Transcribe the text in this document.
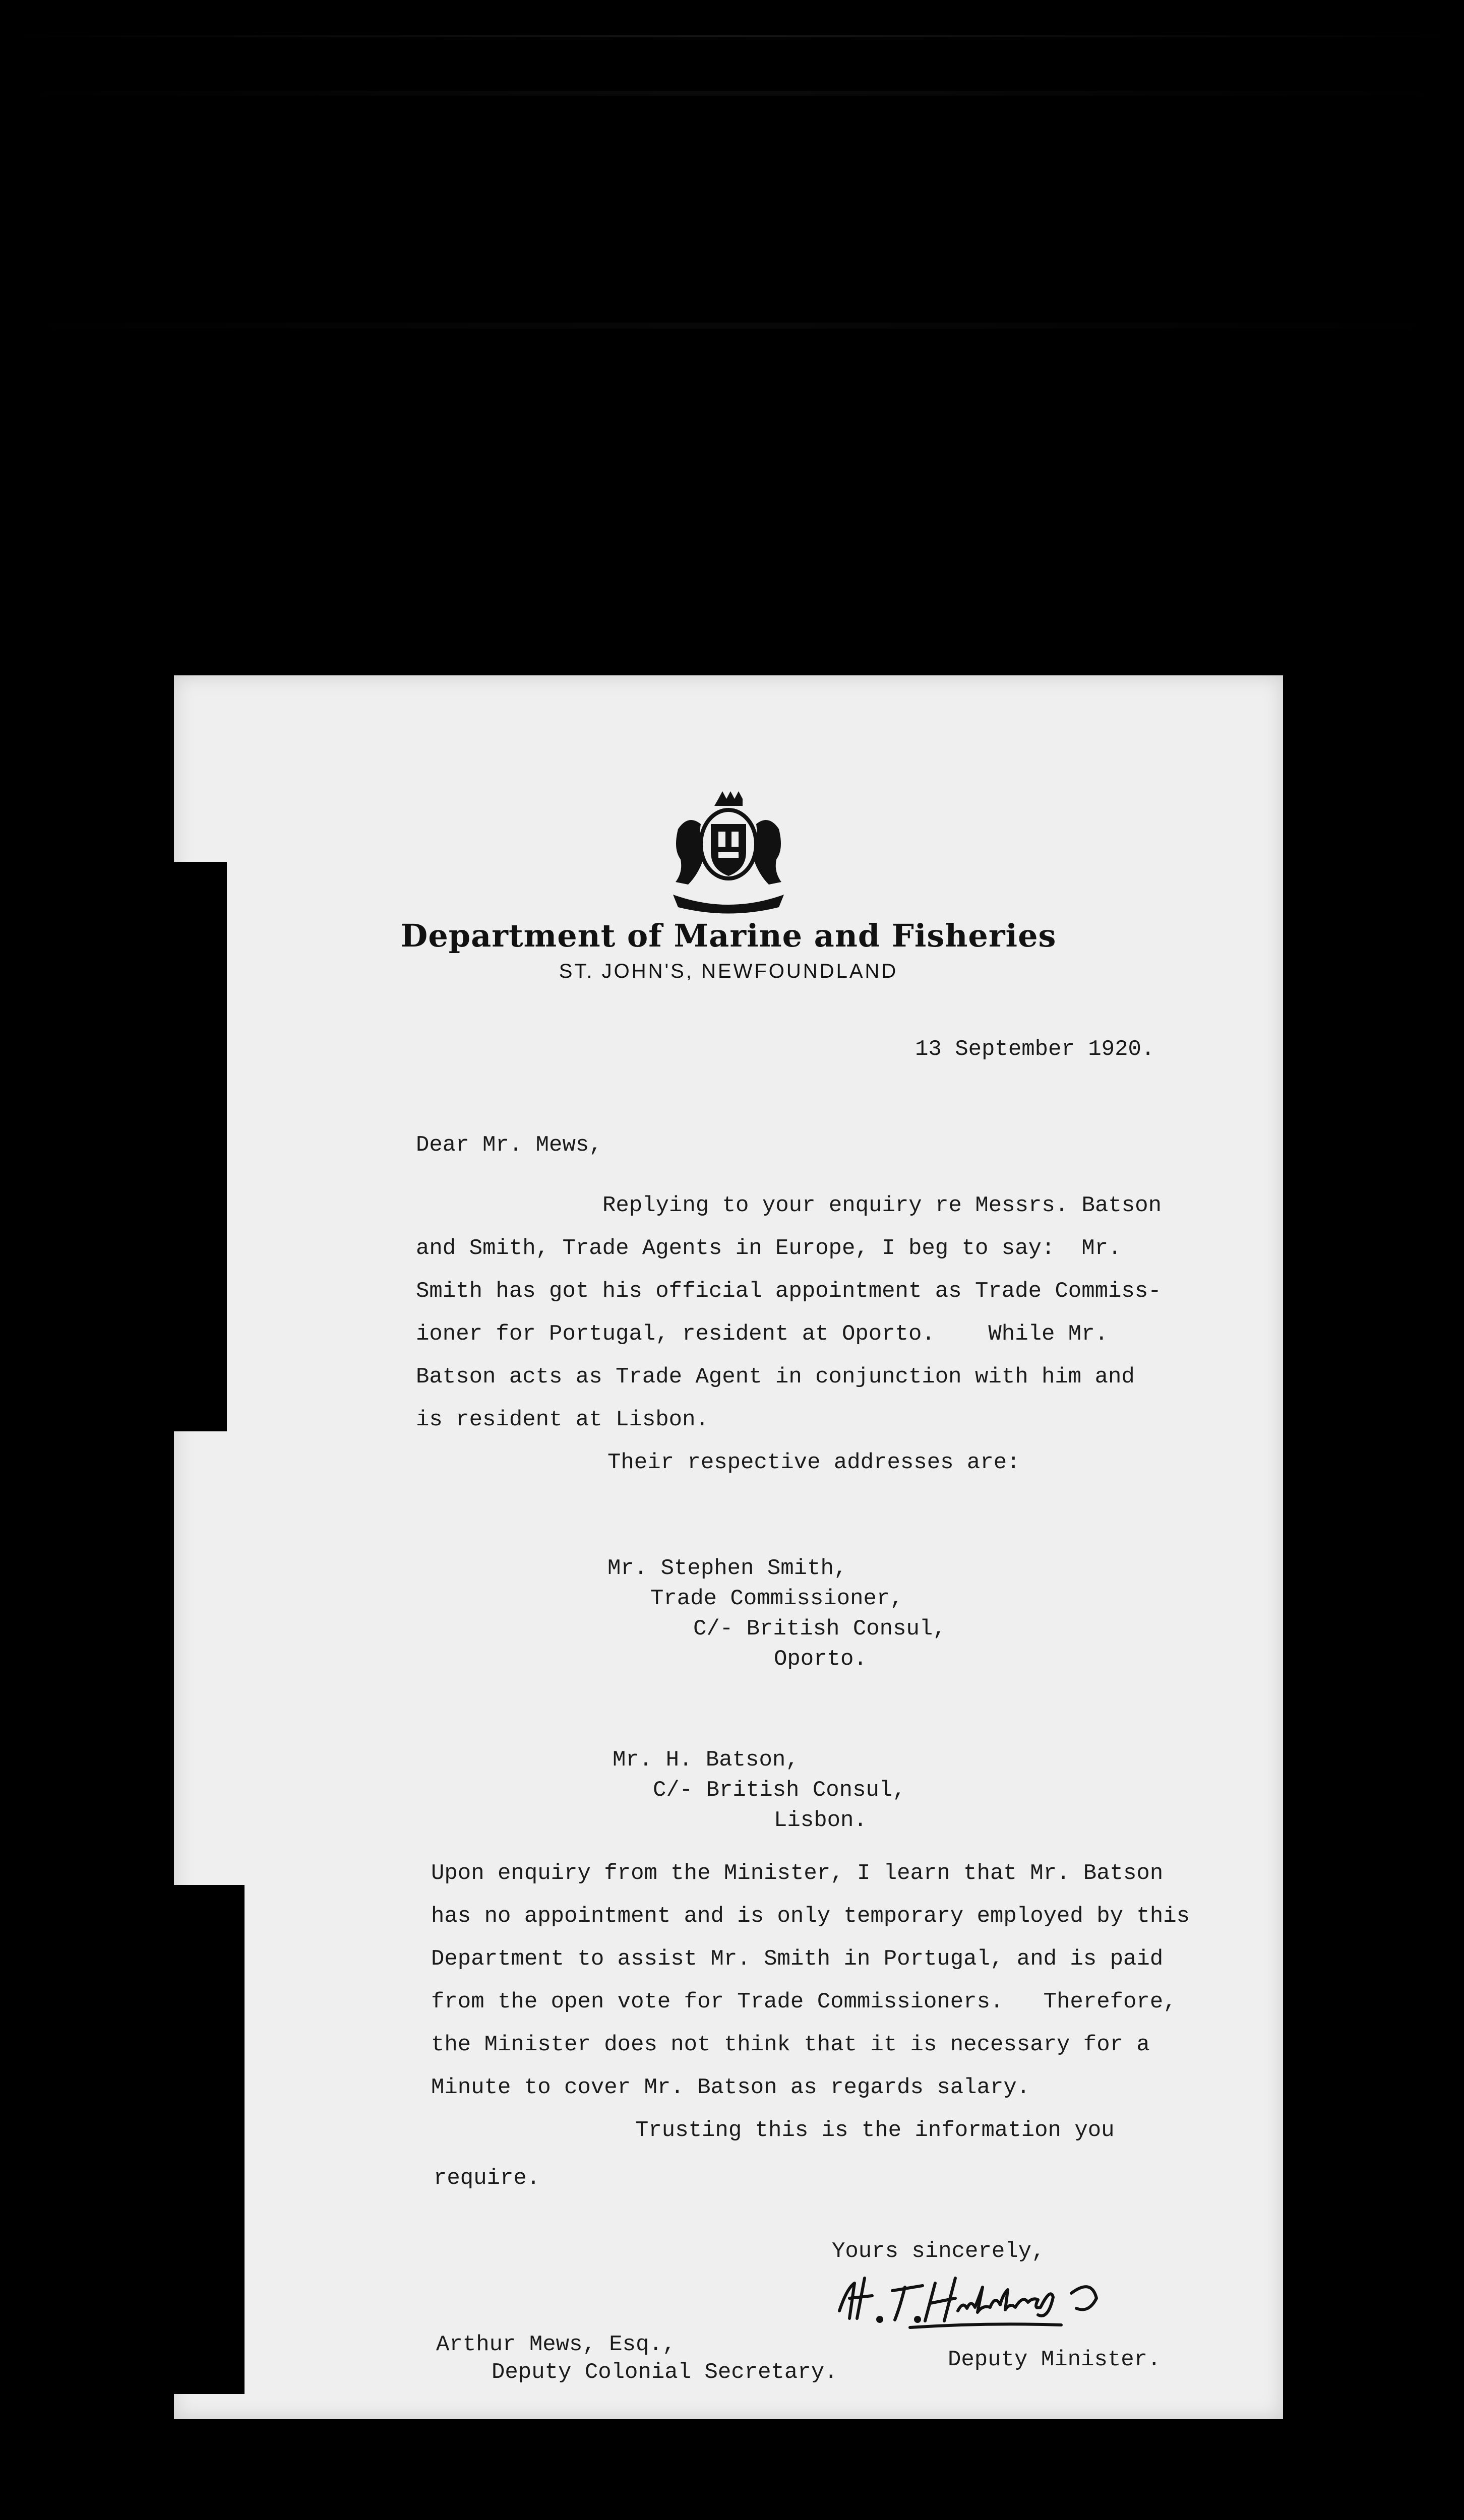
Department of Marine and Fisheries
ST. JOHN'S, NEWFOUNDLAND
13 September 1920.
Dear Mr. Mews,
Replying to your enquiry re Messrs. Batson
and Smith, Trade Agents in Europe, I beg to say:  Mr.
Smith has got his official appointment as Trade Commiss-
ioner for Portugal, resident at Oporto.    While Mr.
Batson acts as Trade Agent in conjunction with him and
is resident at Lisbon.
Their respective addresses are:
Mr. Stephen Smith,
Trade Commissioner,
C/- British Consul,
Oporto.
Mr. H. Batson,
C/- British Consul,
Lisbon.
Upon enquiry from the Minister, I learn that Mr. Batson
has no appointment and is only temporary employed by this
Department to assist Mr. Smith in Portugal, and is paid
from the open vote for Trade Commissioners.   Therefore,
the Minister does not think that it is necessary for a
Minute to cover Mr. Batson as regards salary.
Trusting this is the information you
require.
Yours sincerely,
Arthur Mews, Esq.,
Deputy Colonial Secretary.	Deputy Minister.
